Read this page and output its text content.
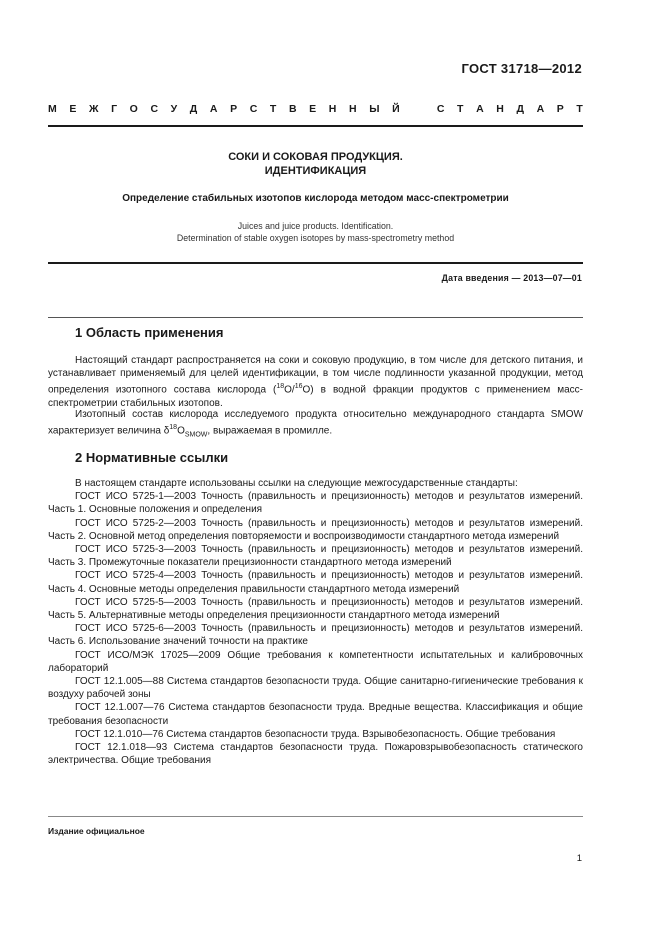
ГОСТ 31718—2012
М Е Ж Г О С У Д А Р С Т В Е Н Н Ы Й	С Т А Н Д А Р Т
СОКИ И СОКОВАЯ ПРОДУКЦИЯ.
ИДЕНТИФИКАЦИЯ
Определение стабильных изотопов кислорода методом масс-спектрометрии
Juices and juice products. Identification.
Determination of stable oxygen isotopes by mass-spectrometry method
Дата введения — 2013—07—01
1 Область применения

Настоящий стандарт распространяется на соки и соковую продукцию, в том числе для детского питания, и устанавливает применяемый для целей идентификации, в том числе подлинности указанной продукции, метод определения изотопного состава кислорода ($^{18}$O/$^{16}$O) в водной фракции продуктов с применением масс-спектрометрии стабильных изотопов.

Изотопный состав кислорода исследуемого продукта относительно международного стандарта SMOW характеризует величина $\delta^{18}O_{SMOW}$, выражаемая в промилле.

2 Нормативные ссылки

В настоящем стандарте использованы ссылки на следующие межгосударственные стандарты:

ГОСТ ИСО 5725-1—2003 Точность (правильность и прецизионность) методов и результатов измерений. Часть 1. Основные положения и определения

ГОСТ ИСО 5725-2—2003 Точность (правильность и прецизионность) методов и результатов измерений. Часть 2. Основной метод определения повторяемости и воспроизводимости стандартного метода измерений

ГОСТ ИСО 5725-3—2003 Точность (правильность и прецизионность) методов и результатов измерений. Часть 3. Промежуточные показатели прецизионности стандартного метода измерений

ГОСТ ИСО 5725-4—2003 Точность (правильность и прецизионность) методов и результатов измерений. Часть 4. Основные методы определения правильности стандартного метода измерений

ГОСТ ИСО 5725-5—2003 Точность (правильность и прецизионность) методов и результатов измерений. Часть 5. Альтернативные методы определения прецизионности стандартного метода измерений

ГОСТ ИСО 5725-6—2003 Точность (правильность и прецизионность) методов и результатов измерений. Часть 6. Использование значений точности на практике

ГОСТ ИСО/МЭК 17025—2009 Общие требования к компетентности испытательных и калибровочных лабораторий

ГОСТ 12.1.005—88 Система стандартов безопасности труда. Общие санитарно-гигиенические требования к воздуху рабочей зоны

ГОСТ 12.1.007—76 Система стандартов безопасности труда. Вредные вещества. Классификация и общие требования безопасности

ГОСТ 12.1.010—76 Система стандартов безопасности труда. Взрывобезопасность. Общие требования

ГОСТ 12.1.018—93 Система стандартов безопасности труда. Пожаровзрывобезопасность статического электричества. Общие требования

Издание официальное
1
